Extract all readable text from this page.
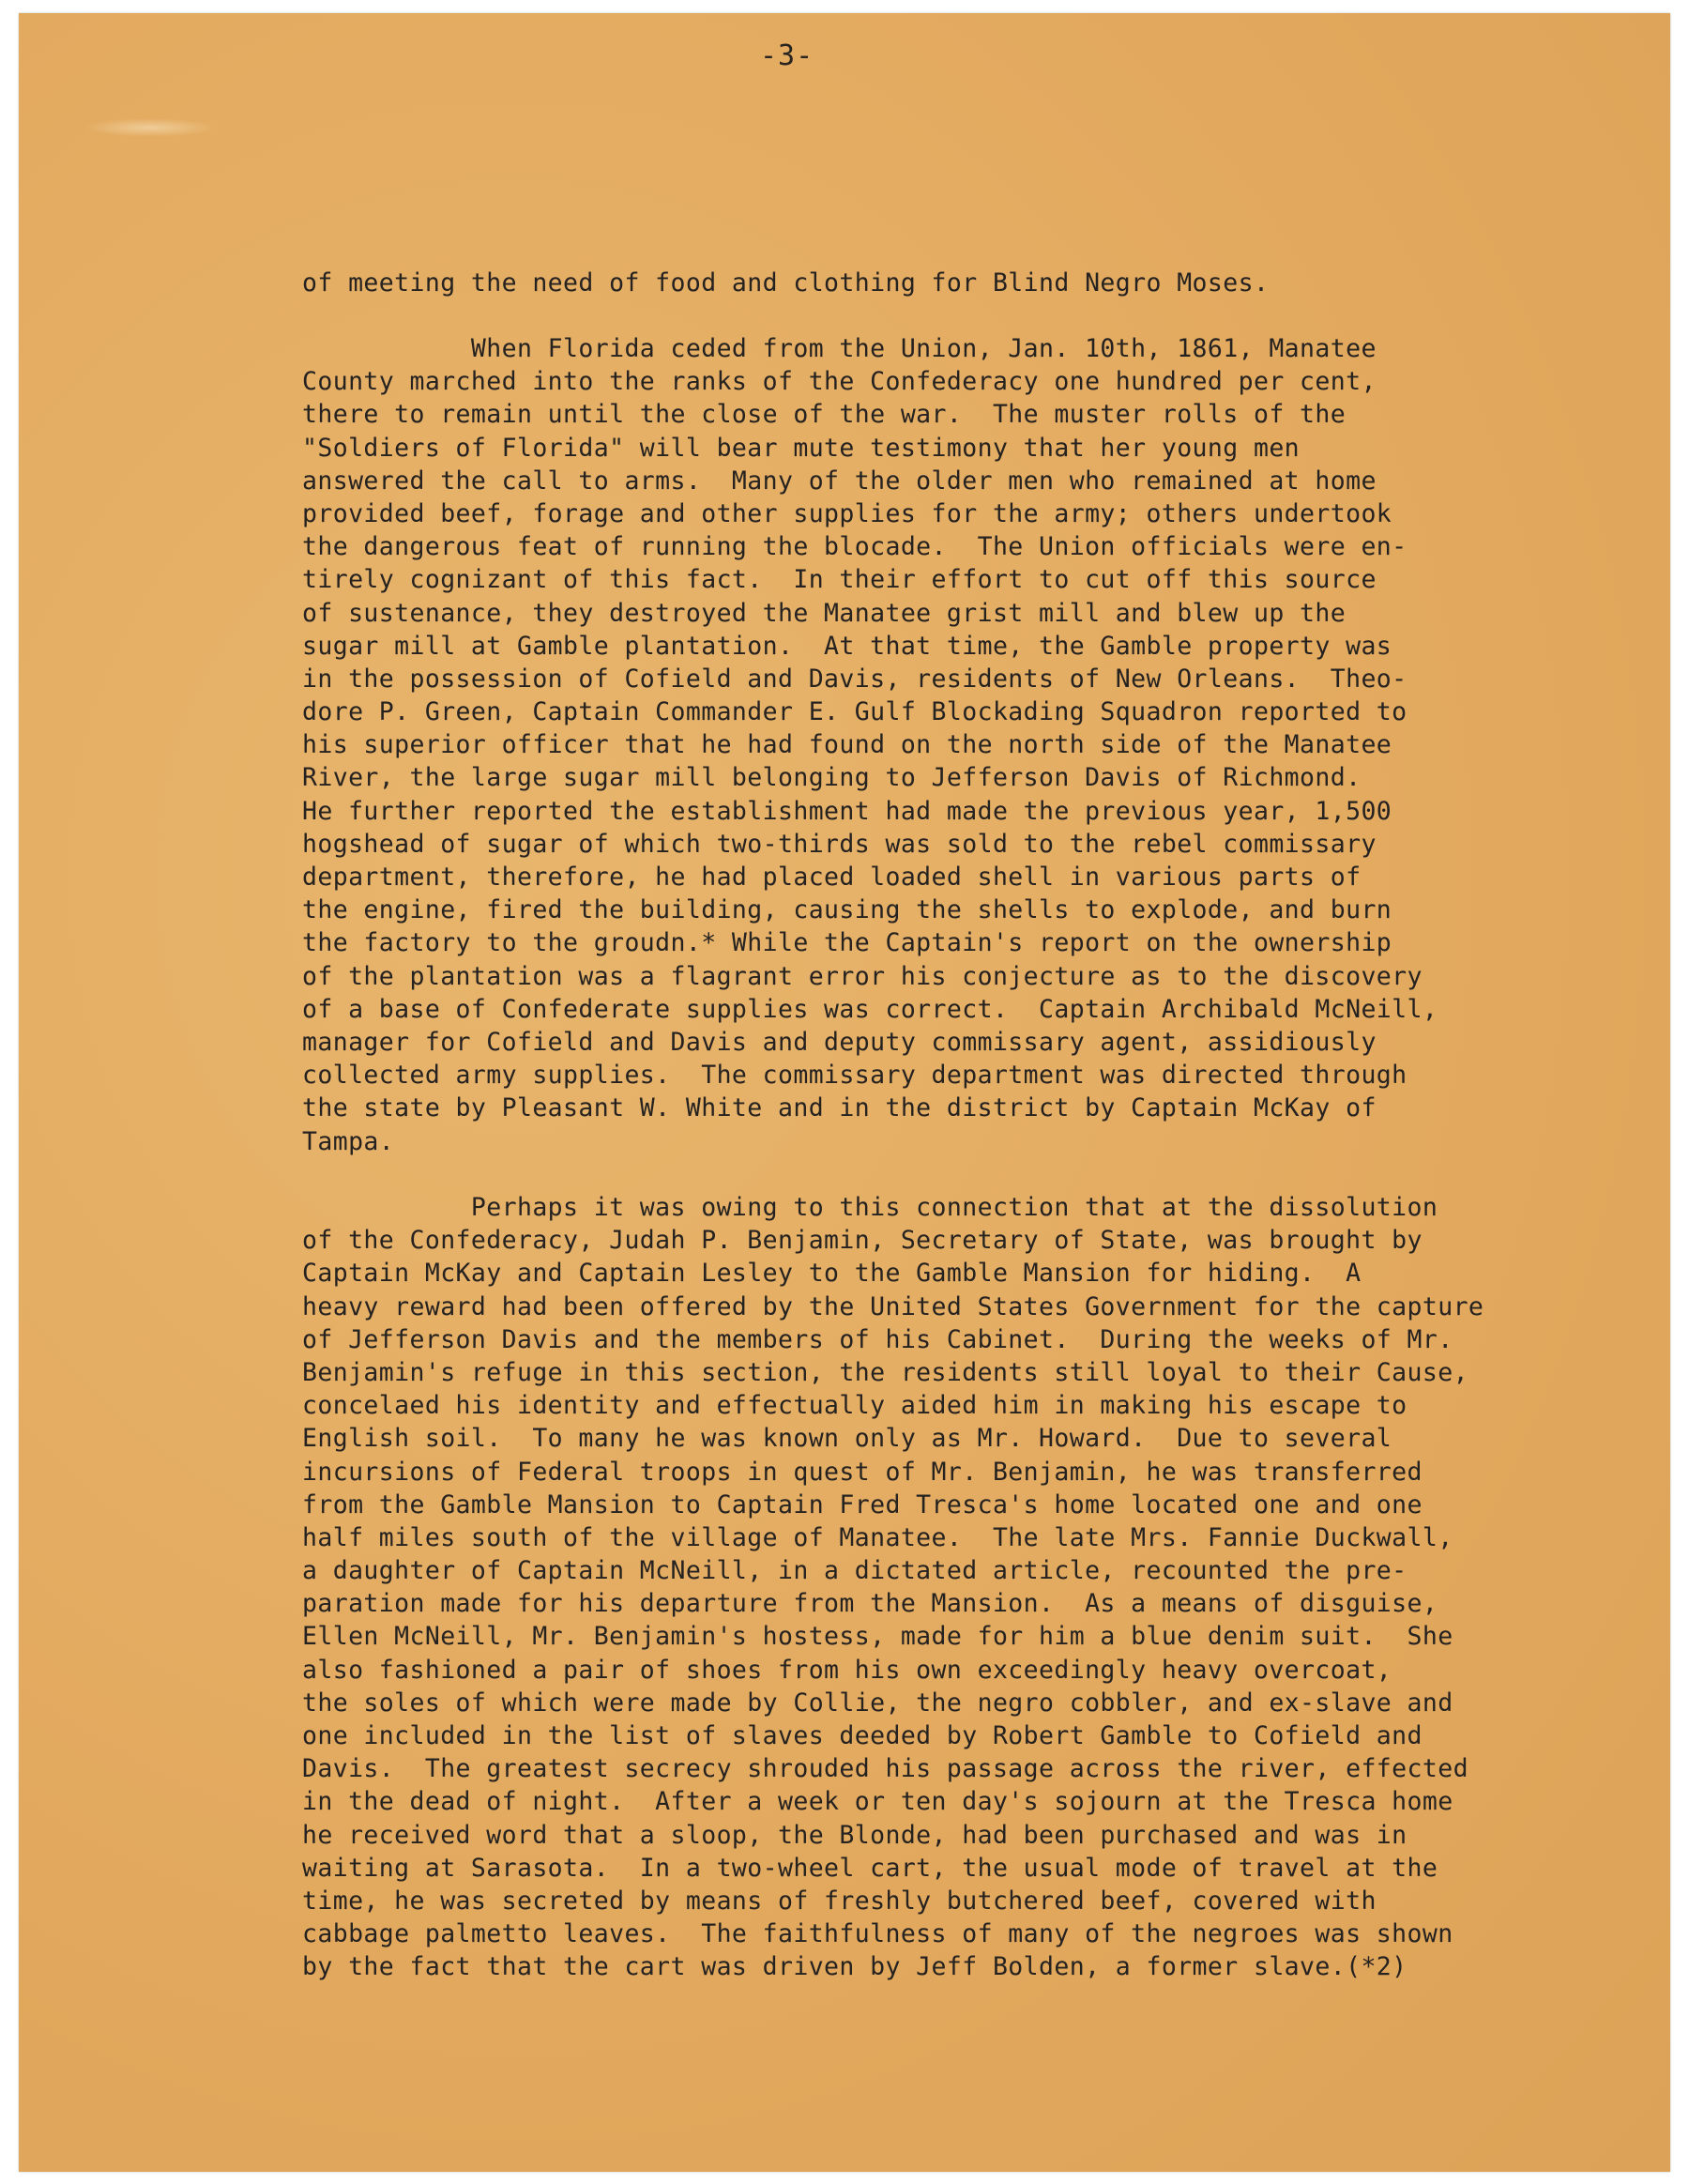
-3-
of meeting the need of food and clothing for Blind Negro Moses.
When Florida ceded from the Union, Jan. 10th, 1861, Manatee
County marched into the ranks of the Confederacy one hundred per cent,
there to remain until the close of the war.  The muster rolls of the
"Soldiers of Florida" will bear mute testimony that her young men
answered the call to arms.  Many of the older men who remained at home
provided beef, forage and other supplies for the army; others undertook
the dangerous feat of running the blocade.  The Union officials were en-
tirely cognizant of this fact.  In their effort to cut off this source
of sustenance, they destroyed the Manatee grist mill and blew up the
sugar mill at Gamble plantation.  At that time, the Gamble property was
in the possession of Cofield and Davis, residents of New Orleans.  Theo-
dore P. Green, Captain Commander E. Gulf Blockading Squadron reported to
his superior officer that he had found on the north side of the Manatee
River, the large sugar mill belonging to Jefferson Davis of Richmond.
He further reported the establishment had made the previous year, 1,500
hogshead of sugar of which two-thirds was sold to the rebel commissary
department, therefore, he had placed loaded shell in various parts of
the engine, fired the building, causing the shells to explode, and burn
the factory to the groudn.* While the Captain's report on the ownership
of the plantation was a flagrant error his conjecture as to the discovery
of a base of Confederate supplies was correct.  Captain Archibald McNeill,
manager for Cofield and Davis and deputy commissary agent, assidiously
collected army supplies.  The commissary department was directed through
the state by Pleasant W. White and in the district by Captain McKay of
Tampa.
Perhaps it was owing to this connection that at the dissolution
of the Confederacy, Judah P. Benjamin, Secretary of State, was brought by
Captain McKay and Captain Lesley to the Gamble Mansion for hiding.  A
heavy reward had been offered by the United States Government for the capture
of Jefferson Davis and the members of his Cabinet.  During the weeks of Mr.
Benjamin's refuge in this section, the residents still loyal to their Cause,
concelaed his identity and effectually aided him in making his escape to
English soil.  To many he was known only as Mr. Howard.  Due to several
incursions of Federal troops in quest of Mr. Benjamin, he was transferred
from the Gamble Mansion to Captain Fred Tresca's home located one and one
half miles south of the village of Manatee.  The late Mrs. Fannie Duckwall,
a daughter of Captain McNeill, in a dictated article, recounted the pre-
paration made for his departure from the Mansion.  As a means of disguise,
Ellen McNeill, Mr. Benjamin's hostess, made for him a blue denim suit.  She
also fashioned a pair of shoes from his own exceedingly heavy overcoat,
the soles of which were made by Collie, the negro cobbler, and ex-slave and
one included in the list of slaves deeded by Robert Gamble to Cofield and
Davis.  The greatest secrecy shrouded his passage across the river, effected
in the dead of night.  After a week or ten day's sojourn at the Tresca home
he received word that a sloop, the Blonde, had been purchased and was in
waiting at Sarasota.  In a two-wheel cart, the usual mode of travel at the
time, he was secreted by means of freshly butchered beef, covered with
cabbage palmetto leaves.  The faithfulness of many of the negroes was shown
by the fact that the cart was driven by Jeff Bolden, a former slave.(*2)
